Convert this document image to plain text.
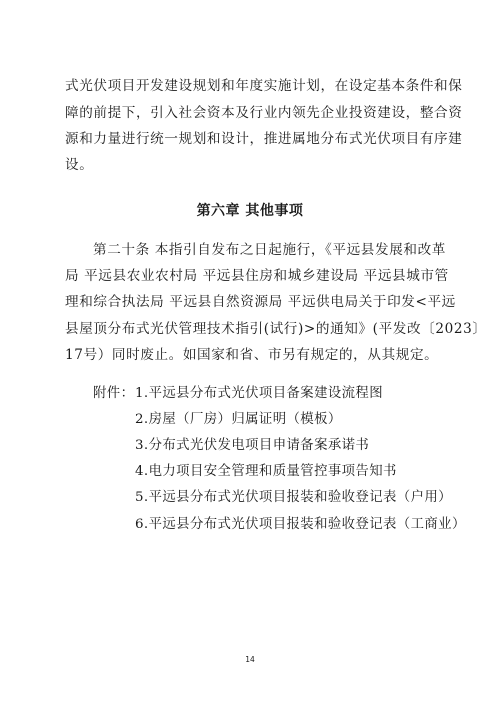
式光伏项目开发建设规划和年度实施计划，在设定基本条件和保
障的前提下，引入社会资本及行业内领先企业投资建设，整合资
源和力量进行统一规划和设计，推进属地分布式光伏项目有序建
设。
第六章 其他事项
第二十条 本指引自发布之日起施行，《平远县发展和改革
局 平远县农业农村局 平远县住房和城乡建设局 平远县城市管
理和综合执法局 平远县自然资源局 平远供电局关于印发<平远
县屋顶分布式光伏管理技术指引(试行)>的通知》(平发改〔2023〕
17号）同时废止。如国家和省、市另有规定的，从其规定。
附件： 1.平远县分布式光伏项目备案建设流程图
2.房屋（厂房）归属证明（模板）
3.分布式光伏发电项目申请备案承诺书
4.电力项目安全管理和质量管控事项告知书
5.平远县分布式光伏项目报装和验收登记表（户用）
6.平远县分布式光伏项目报装和验收登记表（工商业）
14
